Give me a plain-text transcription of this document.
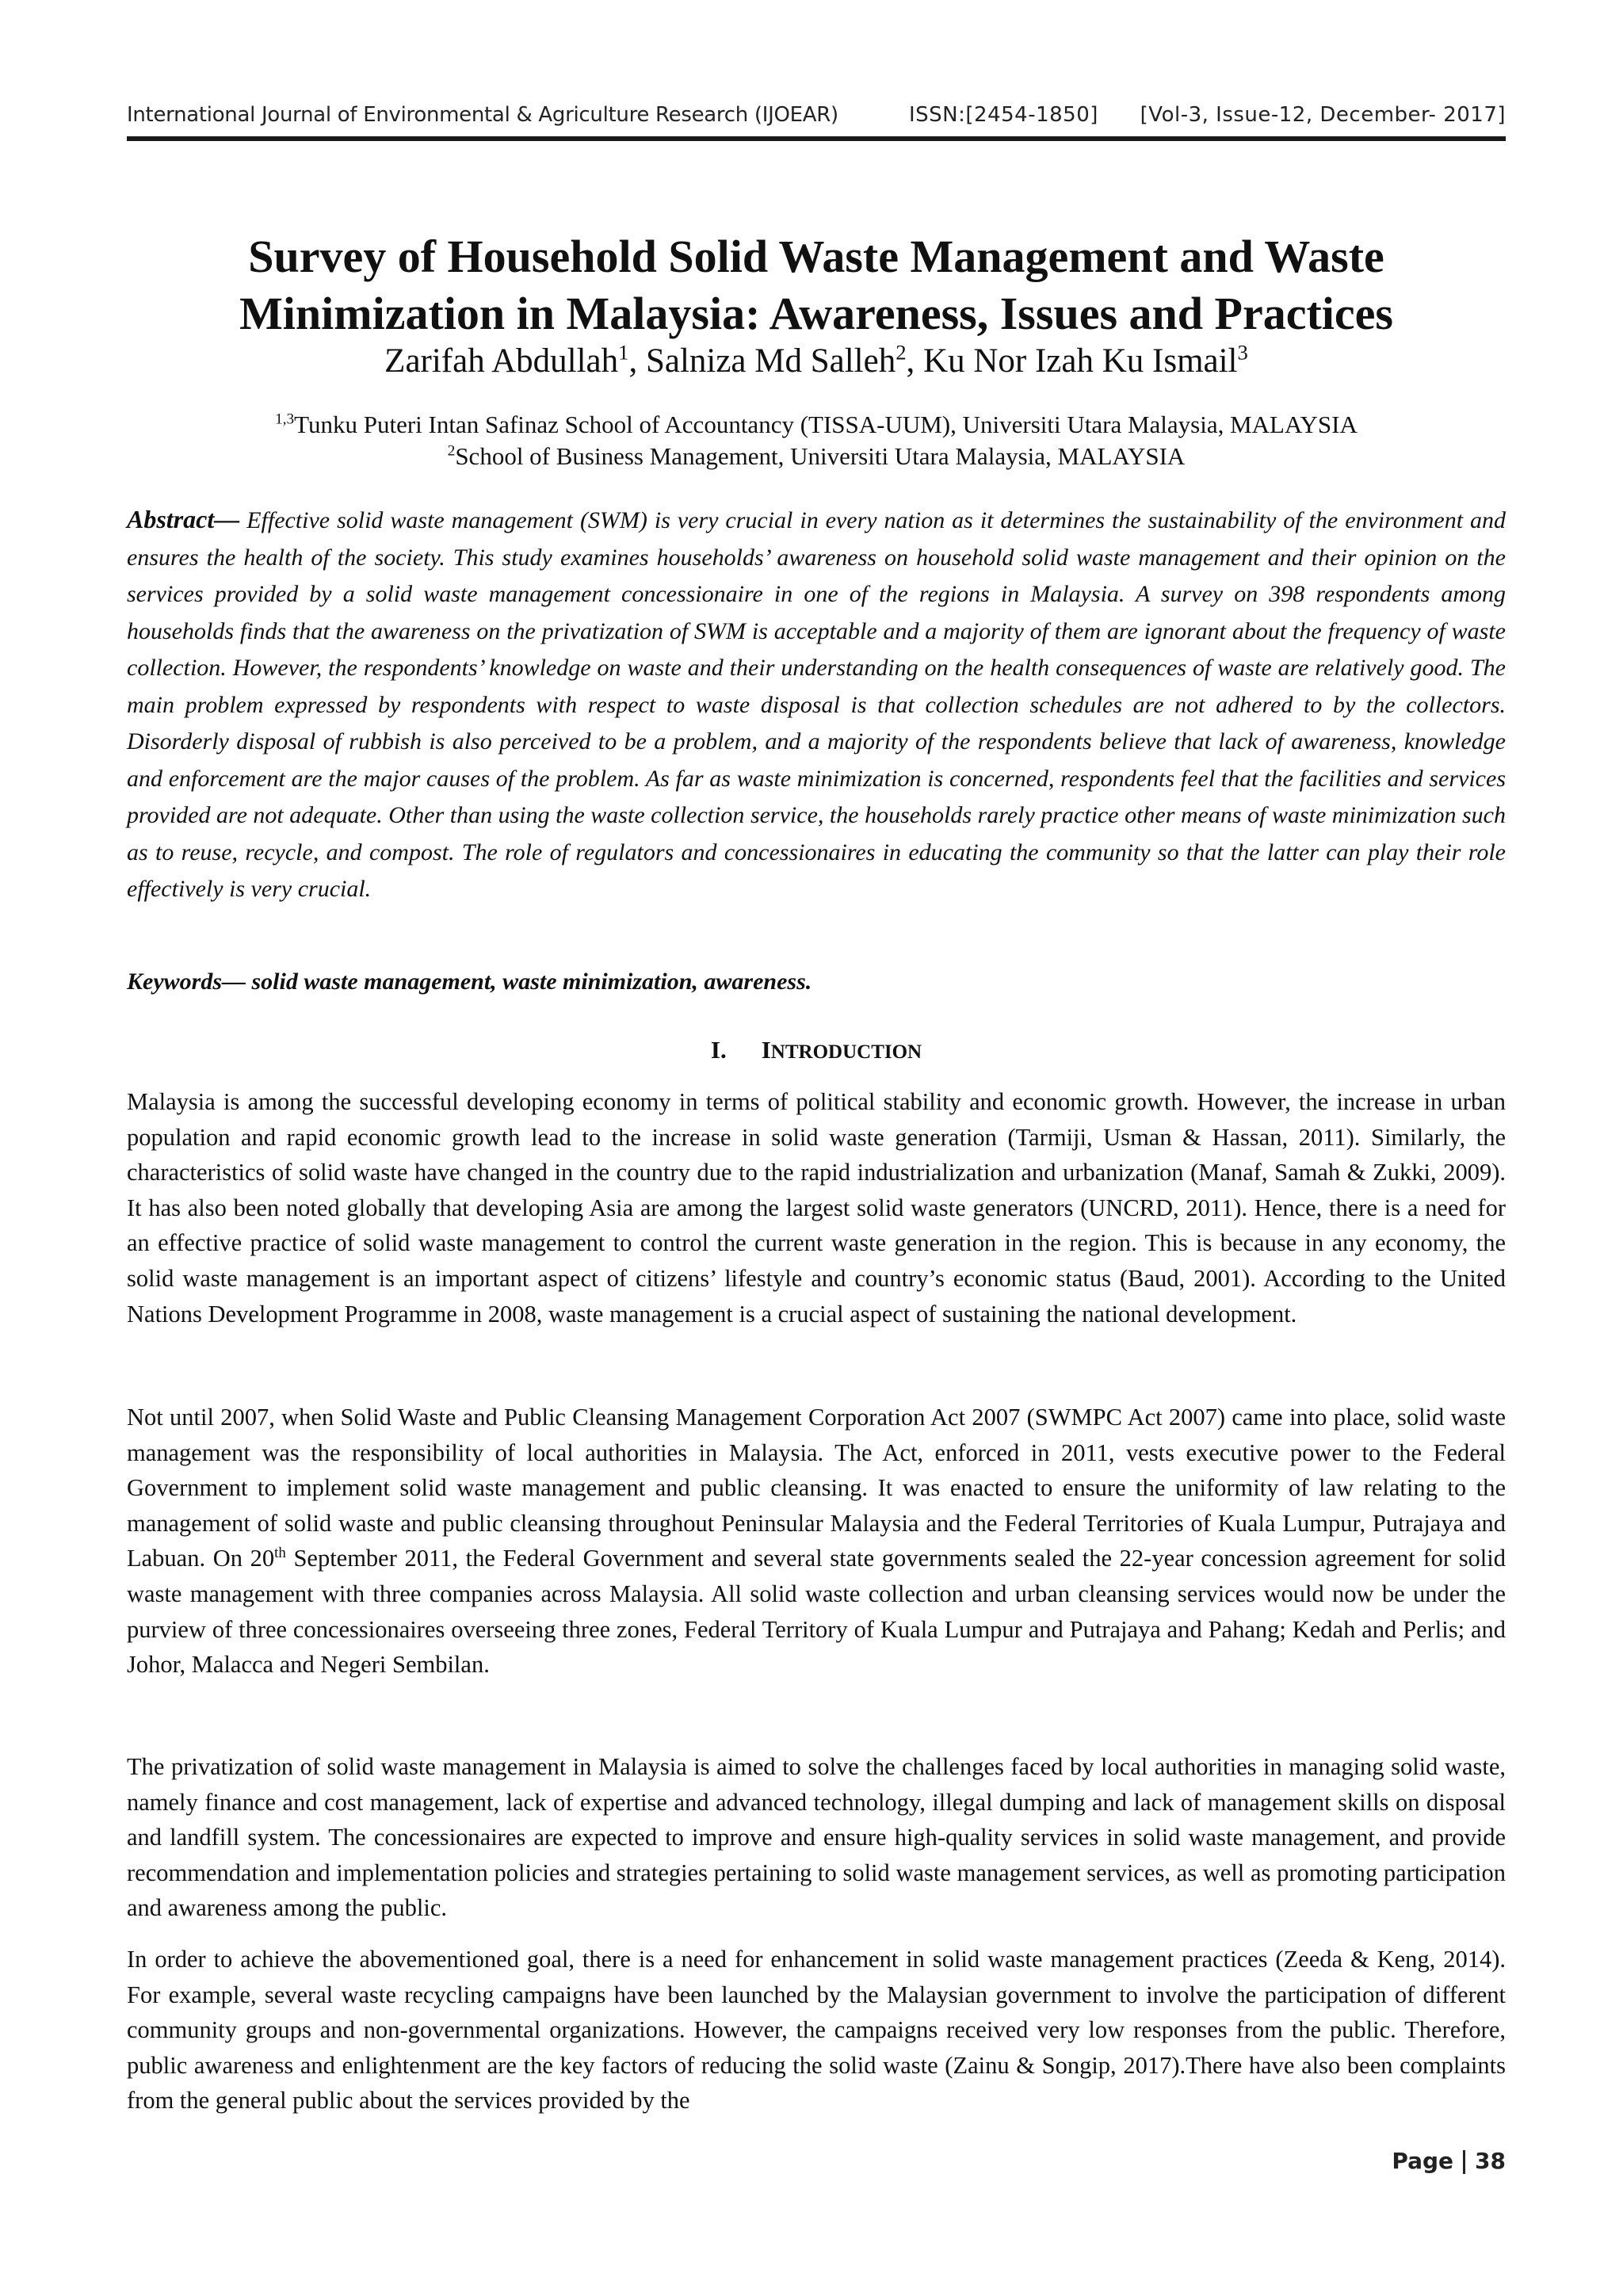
International Journal of Environmental & Agriculture Research (IJOEAR)	ISSN:[2454-1850] [Vol-3, Issue-12, December- 2017]
Survey of Household Solid Waste Management and Waste
Minimization in Malaysia: Awareness, Issues and Practices
Zarifah Abdullah$^1$, Salniza Md Salleh$^2$, Ku Nor Izah Ku Ismail$^3$
$^{1,3}$Tunku Puteri Intan Safinaz School of Accountancy (TISSA-UUM), Universiti Utara Malaysia, MALAYSIA
$^2$School of Business Management, Universiti Utara Malaysia, MALAYSIA

Abstract— Effective solid waste management (SWM) is very crucial in every nation as it determines the sustainability of the environment and ensures the health of the society. This study examines households’ awareness on household solid waste management and their opinion on the services provided by a solid waste management concessionaire in one of the regions in Malaysia. A survey on 398 respondents among households finds that the awareness on the privatization of SWM is acceptable and a majority of them are ignorant about the frequency of waste collection. However, the respondents’ knowledge on waste and their understanding on the health consequences of waste are relatively good. The main problem expressed by respondents with respect to waste disposal is that collection schedules are not adhered to by the collectors. Disorderly disposal of rubbish is also perceived to be a problem, and a majority of the respondents believe that lack of awareness, knowledge and enforcement are the major causes of the problem. As far as waste minimization is concerned, respondents feel that the facilities and services provided are not adequate. Other than using the waste collection service, the households rarely practice other means of waste minimization such as to reuse, recycle, and compost. The role of regulators and concessionaires in educating the community so that the latter can play their role effectively is very crucial.

Keywords— solid waste management, waste minimization, awareness.

I. INTRODUCTION

Malaysia is among the successful developing economy in terms of political stability and economic growth. However, the increase in urban population and rapid economic growth lead to the increase in solid waste generation (Tarmiji, Usman & Hassan, 2011). Similarly, the characteristics of solid waste have changed in the country due to the rapid industrialization and urbanization (Manaf, Samah & Zukki, 2009). It has also been noted globally that developing Asia are among the largest solid waste generators (UNCRD, 2011). Hence, there is a need for an effective practice of solid waste management to control the current waste generation in the region. This is because in any economy, the solid waste management is an important aspect of citizens’ lifestyle and country’s economic status (Baud, 2001). According to the United Nations Development Programme in 2008, waste management is a crucial aspect of sustaining the national development.

Not until 2007, when Solid Waste and Public Cleansing Management Corporation Act 2007 (SWMPC Act 2007) came into place, solid waste management was the responsibility of local authorities in Malaysia. The Act, enforced in 2011, vests executive power to the Federal Government to implement solid waste management and public cleansing. It was enacted to ensure the uniformity of law relating to the management of solid waste and public cleansing throughout Peninsular Malaysia and the Federal Territories of Kuala Lumpur, Putrajaya and Labuan. On 20th September 2011, the Federal Government and several state governments sealed the 22-year concession agreement for solid waste management with three companies across Malaysia. All solid waste collection and urban cleansing services would now be under the purview of three concessionaires overseeing three zones, Federal Territory of Kuala Lumpur and Putrajaya and Pahang; Kedah and Perlis; and Johor, Malacca and Negeri Sembilan.

The privatization of solid waste management in Malaysia is aimed to solve the challenges faced by local authorities in managing solid waste, namely finance and cost management, lack of expertise and advanced technology, illegal dumping and lack of management skills on disposal and landfill system. The concessionaires are expected to improve and ensure high-quality services in solid waste management, and provide recommendation and implementation policies and strategies pertaining to solid waste management services, as well as promoting participation and awareness among the public.

In order to achieve the abovementioned goal, there is a need for enhancement in solid waste management practices (Zeeda & Keng, 2014). For example, several waste recycling campaigns have been launched by the Malaysian government to involve the participation of different community groups and non-governmental organizations. However, the campaigns received very low responses from the public. Therefore, public awareness and enlightenment are the key factors of reducing the solid waste (Zainu & Songip, 2017).There have also been complaints from the general public about the services provided by the

Page 38
